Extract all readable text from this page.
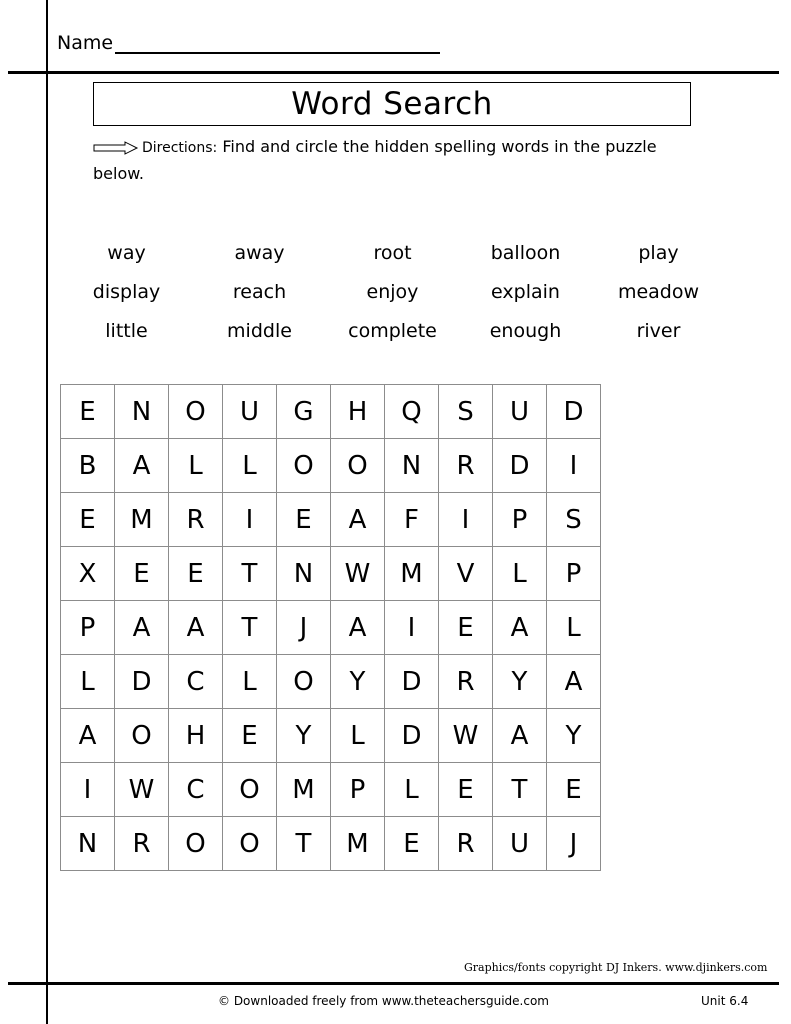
Name
Word Search
Directions: Find and circle the hidden spelling words in the puzzle below.
way	away	root	balloon	play
display	reach	enjoy	explain	meadow
little	middle	complete	enough	river
E	N	O	U	G	H	Q	S	U	D
B	A	L	L	O	O	N	R	D	I
E	M	R	I	E	A	F	I	P	S
X	E	E	T	N	W	M	V	L	P
P	A	A	T	J	A	I	E	A	L
L	D	C	L	O	Y	D	R	Y	A
A	O	H	E	Y	L	D	W	A	Y
I	W	C	O	M	P	L	E	T	E
N	R	O	O	T	M	E	R	U	J
Graphics/fonts copyright DJ Inkers. www.djinkers.com
© Downloaded freely from www.theteachersguide.com	Unit 6.4
